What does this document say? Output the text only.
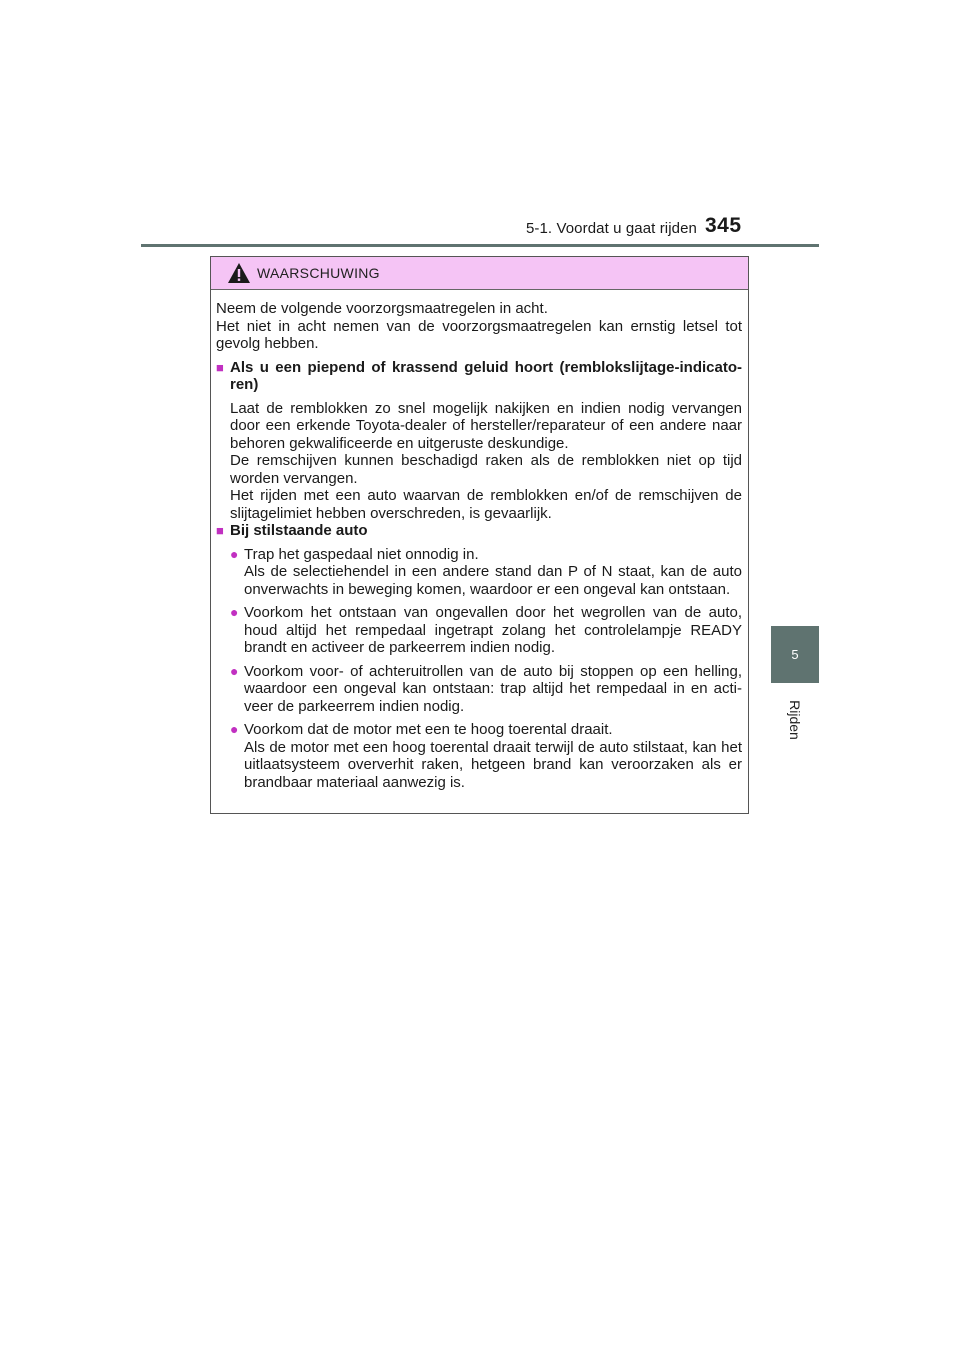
5-1. Voordat u gaat rijden 345
5
Rijden
WAARSCHUWING

Neem de volgende voorzorgsmaatregelen in acht.

Het niet in acht nemen van de voorzorgsmaatregelen kan ernstig letsel tot gevolg hebben.

■ Als u een piepend of krassend geluid hoort (remblokslijtage-indicato-ren)

Laat de remblokken zo snel mogelijk nakijken en indien nodig vervangen door een erkende Toyota-dealer of hersteller/reparateur of een andere naar behoren gekwalificeerde en uitgeruste deskundige.
De remschijven kunnen beschadigd raken als de remblokken niet op tijd worden vervangen.

Het rijden met een auto waarvan de remblokken en/of de remschijven de slijtagelimiet hebben overschreden, is gevaarlijk.

■ Bij stilstaande auto
● Trap het gaspedaal niet onnodig in.
Als de selectiehendel in een andere stand dan P of N staat, kan de auto onverwachts in beweging komen, waardoor er een ongeval kan ontstaan.
● Voorkom het ontstaan van ongevallen door het wegrollen van de auto, houd altijd het rempedaal ingetrapt zolang het controlelampje READY brandt en activeer de parkeerrem indien nodig.
● Voorkom voor- of achteruitrollen van de auto bij stoppen op een helling, waardoor een ongeval kan ontstaan: trap altijd het rempedaal in en acti-veer de parkeerrem indien nodig.
● Voorkom dat de motor met een te hoog toerental draait.
Als de motor met een hoog toerental draait terwijl de auto stilstaat, kan het uitlaatsysteem oververhit raken, hetgeen brand kan veroorzaken als er brandbaar materiaal aanwezig is.
